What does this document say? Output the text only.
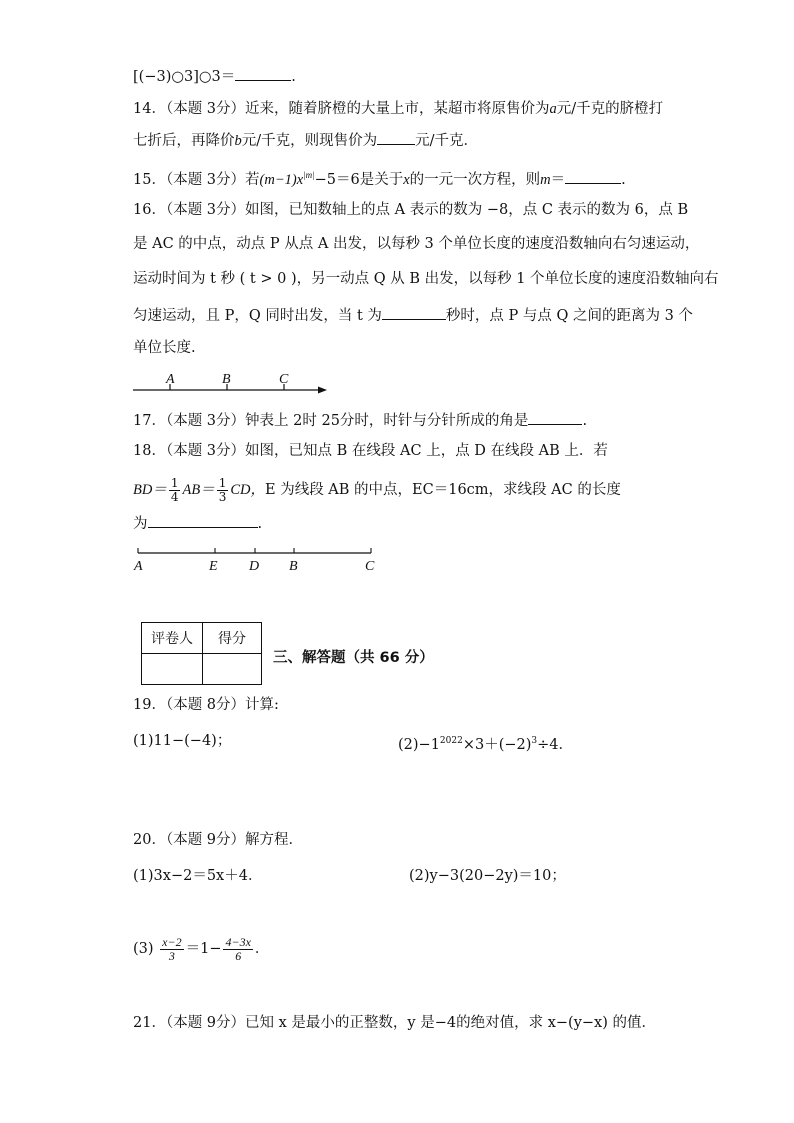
[(−3)○3]○3＝	.
14．（本题 3分）近来，随着脐橙的大量上市，某超市将原售价为a元/千克的脐橙打
七折后，再降价b元/千克，则现售价为	元/千克．
15．（本题 3分）若$(m-1)x^{|m|}-5=6$是关于x的一元一次方程，则m＝	.
16．（本题 3分）如图，已知数轴上的点 A 表示的数为 −8，点 C 表示的数为 6，点 B
是 AC 的中点，动点 P 从点 A 出发，以每秒 3 个单位长度的速度沿数轴向右匀速运动，
运动时间为 t 秒 ( t > 0 )，另一动点 Q 从 B 出发，以每秒 1 个单位长度的速度沿数轴向右
匀速运动，且 P，Q 同时出发，当 t 为	秒时，点 P 与点 Q 之间的距离为 3 个
单位长度.
A	B	C
17．（本题 3分）钟表上 2时 25分时，时针与分针所成的角是	.
18．（本题 3分）如图，已知点 B 在线段 AC 上，点 D 在线段 AB 上．若
$BD= \frac{1}{4} AB= \frac{1}{3}$ CD，E 为线段 AB 的中点，EC＝16cm，求线段 AC 的长度
为	.
A	E D B	C
评卷人	得分

三、解答题（共 66 分）
19．（本题 8分）计算:
(1)11−(−4)；	$(2)-1^{2022}\times 3+(-2)^3\div 4$．
20．（本题 9分）解方程．
(1)3x−2＝5x＋4．	(2)y−3(20−2y)＝10；
$(3) \frac{x-2}{3} =1- \frac{4-3x}{6}$ ．
21．（本题 9分）已知 x 是最小的正整数，y 是−4的绝对值，求 x−(y−x) 的值．
